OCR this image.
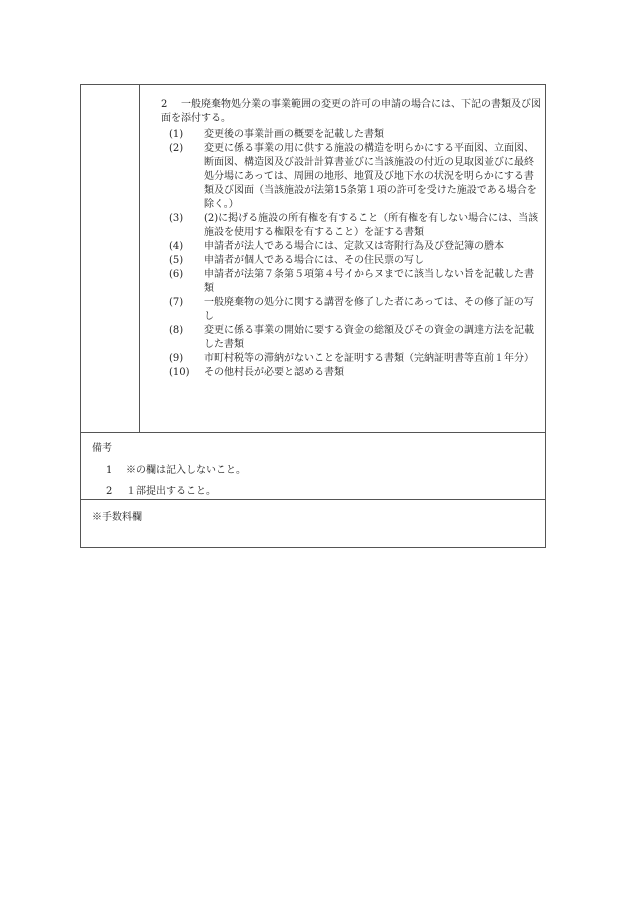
2	一般廃棄物処分業の事業範囲の変更の許可の申請の場合には、下記の書類及び図面を添付する。
(1) 変更後の事業計画の概要を記載した書類
(2) 変更に係る事業の用に供する施設の構造を明らかにする平面図、立面図、断面図、構造図及び設計計算書並びに当該施設の付近の見取図並びに最終処分場にあっては、周囲の地形、地質及び地下水の状況を明らかにする書類及び図面（当該施設が法第15条第１項の許可を受けた施設である場合を除く。）
(3) (2)に掲げる施設の所有権を有すること（所有権を有しない場合には、当該施設を使用する権限を有すること）を証する書類
(4) 申請者が法人である場合には、定款又は寄附行為及び登記簿の謄本
(5) 申請者が個人である場合には、その住民票の写し
(6) 申請者が法第７条第５項第４号イからヌまでに該当しない旨を記載した書類
(7) 一般廃棄物の処分に関する講習を修了した者にあっては、その修了証の写し
(8) 変更に係る事業の開始に要する資金の総額及びその資金の調達方法を記載した書類
(9) 市町村税等の滞納がないことを証明する書類（完納証明書等直前１年分）
(10) その他村長が必要と認める書類
備考
1 ※の欄は記入しないこと。
2 １部提出すること。
※手数料欄
